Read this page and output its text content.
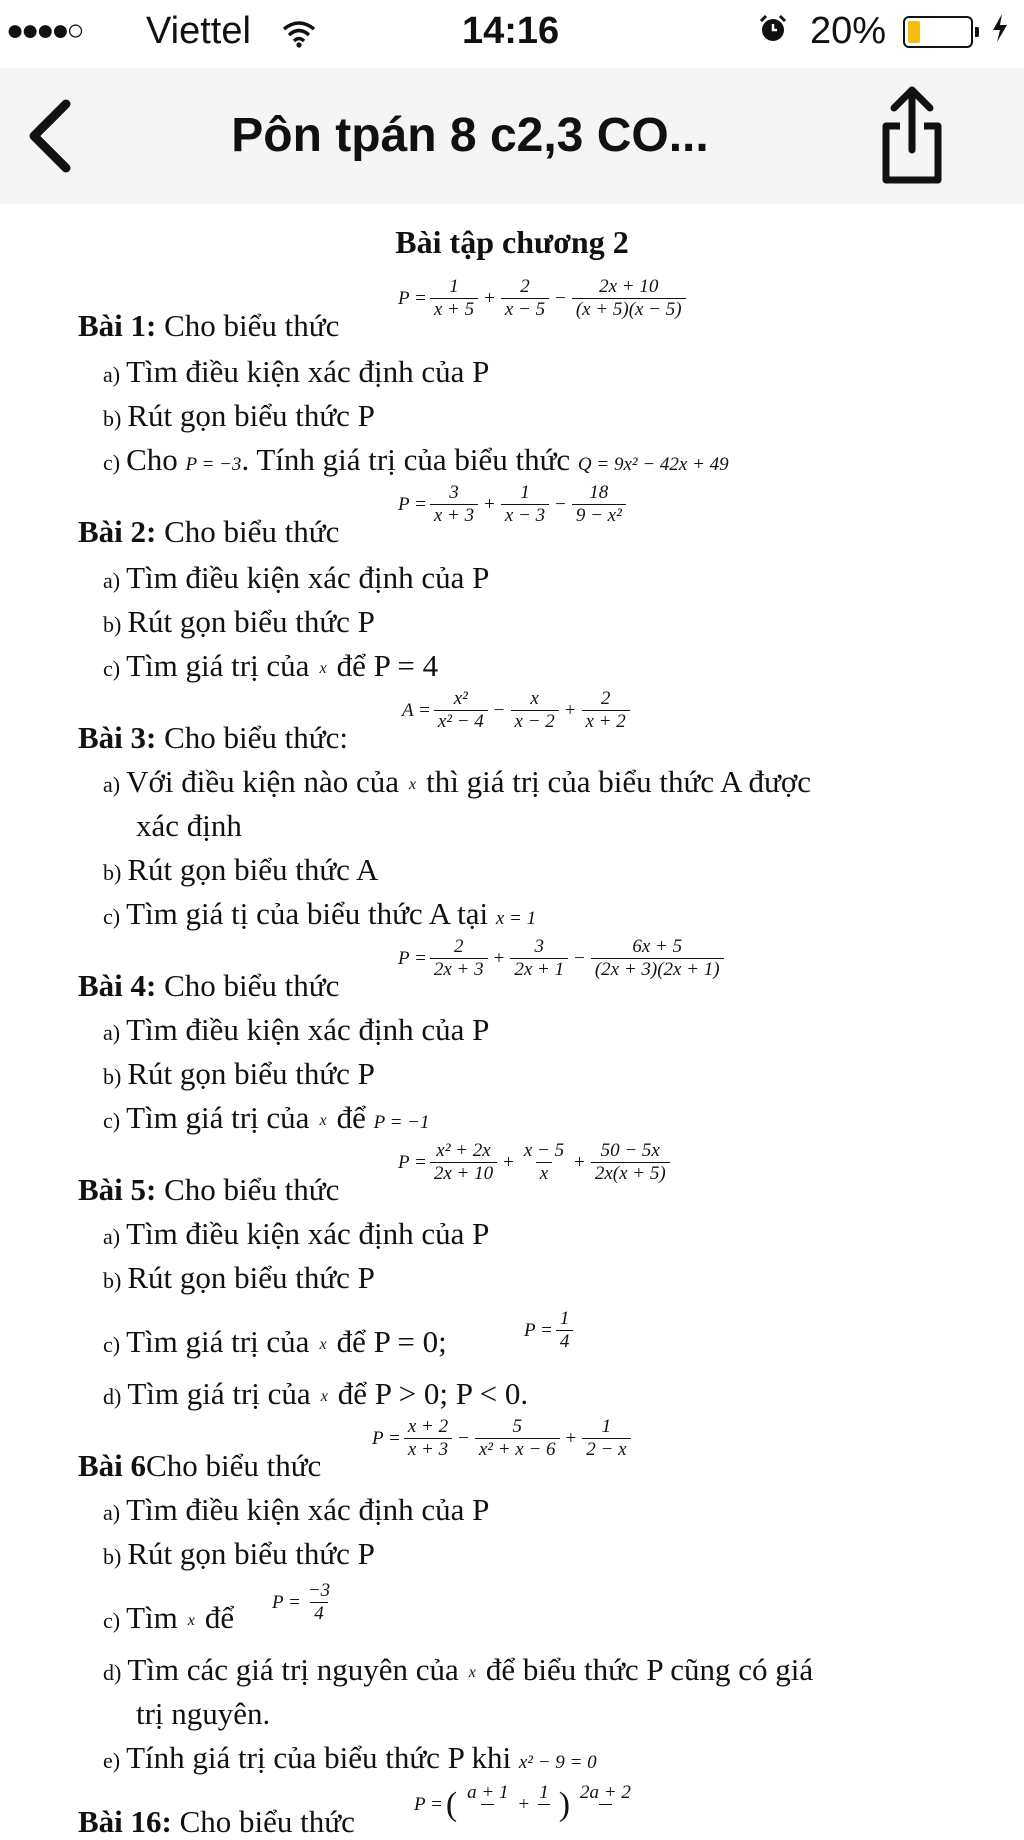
●●●●○ Viettel	14:16	20%
Pôn tpán 8 c2,3 CO...
Bài tập chương 2
Bài 1: Cho biểu thức
$P = \frac{1}{x + 5} + \frac{2}{x - 5} - \frac{2x + 10}{(x + 5)(x - 5)}$
a) Tìm điều kiện xác định của P
b) Rút gọn biểu thức P
c) Cho P = −3. Tính giá trị của biểu thức Q = 9x² − 42x + 49
Bài 2: Cho biểu thức
$P = \frac{3}{x + 3} + \frac{1}{x - 3} - \frac{18}{\text{9 − x²}}$
a) Tìm điều kiện xác định của P
b) Rút gọn biểu thức P
c) Tìm giá trị của x để P = 4
Bài 3: Cho biểu thức:
$A = \frac{\text{x²}}{\text{x² − 4}} - \frac{x}{x - 2} + \frac{2}{x + 2}$
a) Với điều kiện nào của x thì giá trị của biểu thức A được
xác định
b) Rút gọn biểu thức A
c) Tìm giá tị của biểu thức A tại x = 1
Bài 4: Cho biểu thức
$P = \frac{2}{2x + 3} + \frac{3}{2x + 1} - \frac{6x + 5}{(2x + 3)(2x + 1)}$
a) Tìm điều kiện xác định của P
b) Rút gọn biểu thức P
c) Tìm giá trị của x để P = −1
Bài 5: Cho biểu thức
$P = \frac{\text{x² + 2x}}{2x + 10} + \frac{x - 5}{x} + \frac{50 - 5x}{2x(x + 5)}$
a) Tìm điều kiện xác định của P
b) Rút gọn biểu thức P
c) Tìm giá trị của x để P = 0;	$P = \frac{1}{4}$
d) Tìm giá trị của x để P > 0; P < 0.
Bài 6Cho biểu thức
$P = \frac{x + 2}{x + 3} - \frac{5}{\text{x² + x − 6}} + \frac{1}{2 - x}$
a) Tìm điều kiện xác định của P
b) Rút gọn biểu thức P
c) Tìm x để $P = \frac{-3}{4}$
d) Tìm các giá trị nguyên của x để biểu thức P cũng có giá
trị nguyên.
e) Tính giá trị của biểu thức P khi x² − 9 = 0
Bài 16: Cho biểu thức	P = ( a + 1

+
1
) 2a + 2
